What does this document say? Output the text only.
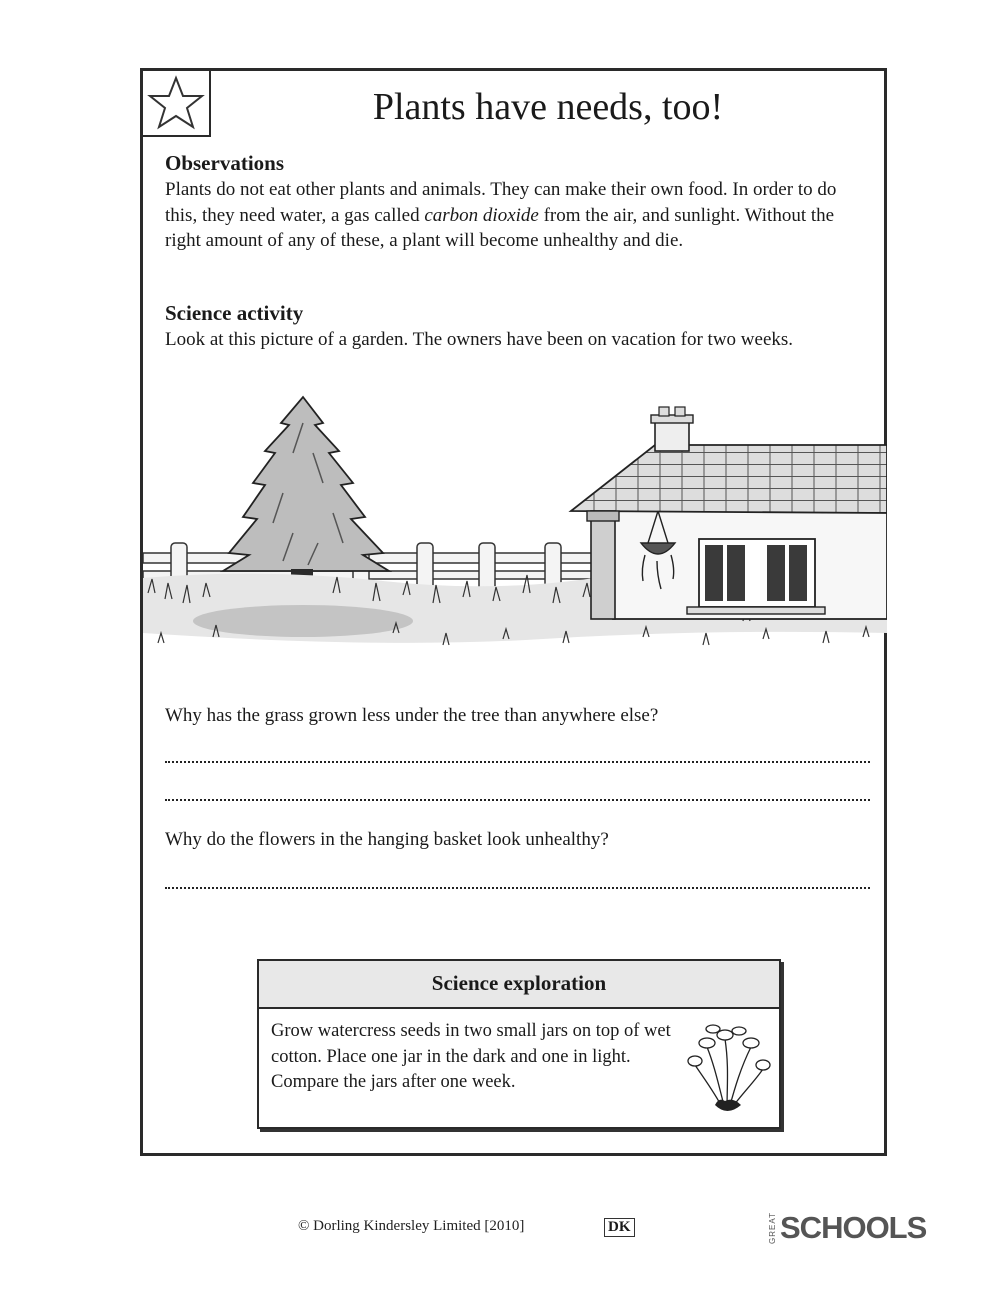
Plants have needs, too!
Observations
Plants do not eat other plants and animals. They can make their own food. In order to do this, they need water, a gas called carbon dioxide from the air, and sunlight. Without the right amount of any of these, a plant will become unhealthy and die.
Science activity
Look at this picture of a garden. The owners have been on vacation for two weeks.
Why has the grass grown less under the tree than anywhere else?
Why do the flowers in the hanging basket look unhealthy?
Science exploration
Grow watercress seeds in two small jars on top of wet cotton. Place one jar in the dark and one in light. Compare the jars after one week.
© Dorling Kindersley Limited [2010]	DK	GREAT SCHOOLS
